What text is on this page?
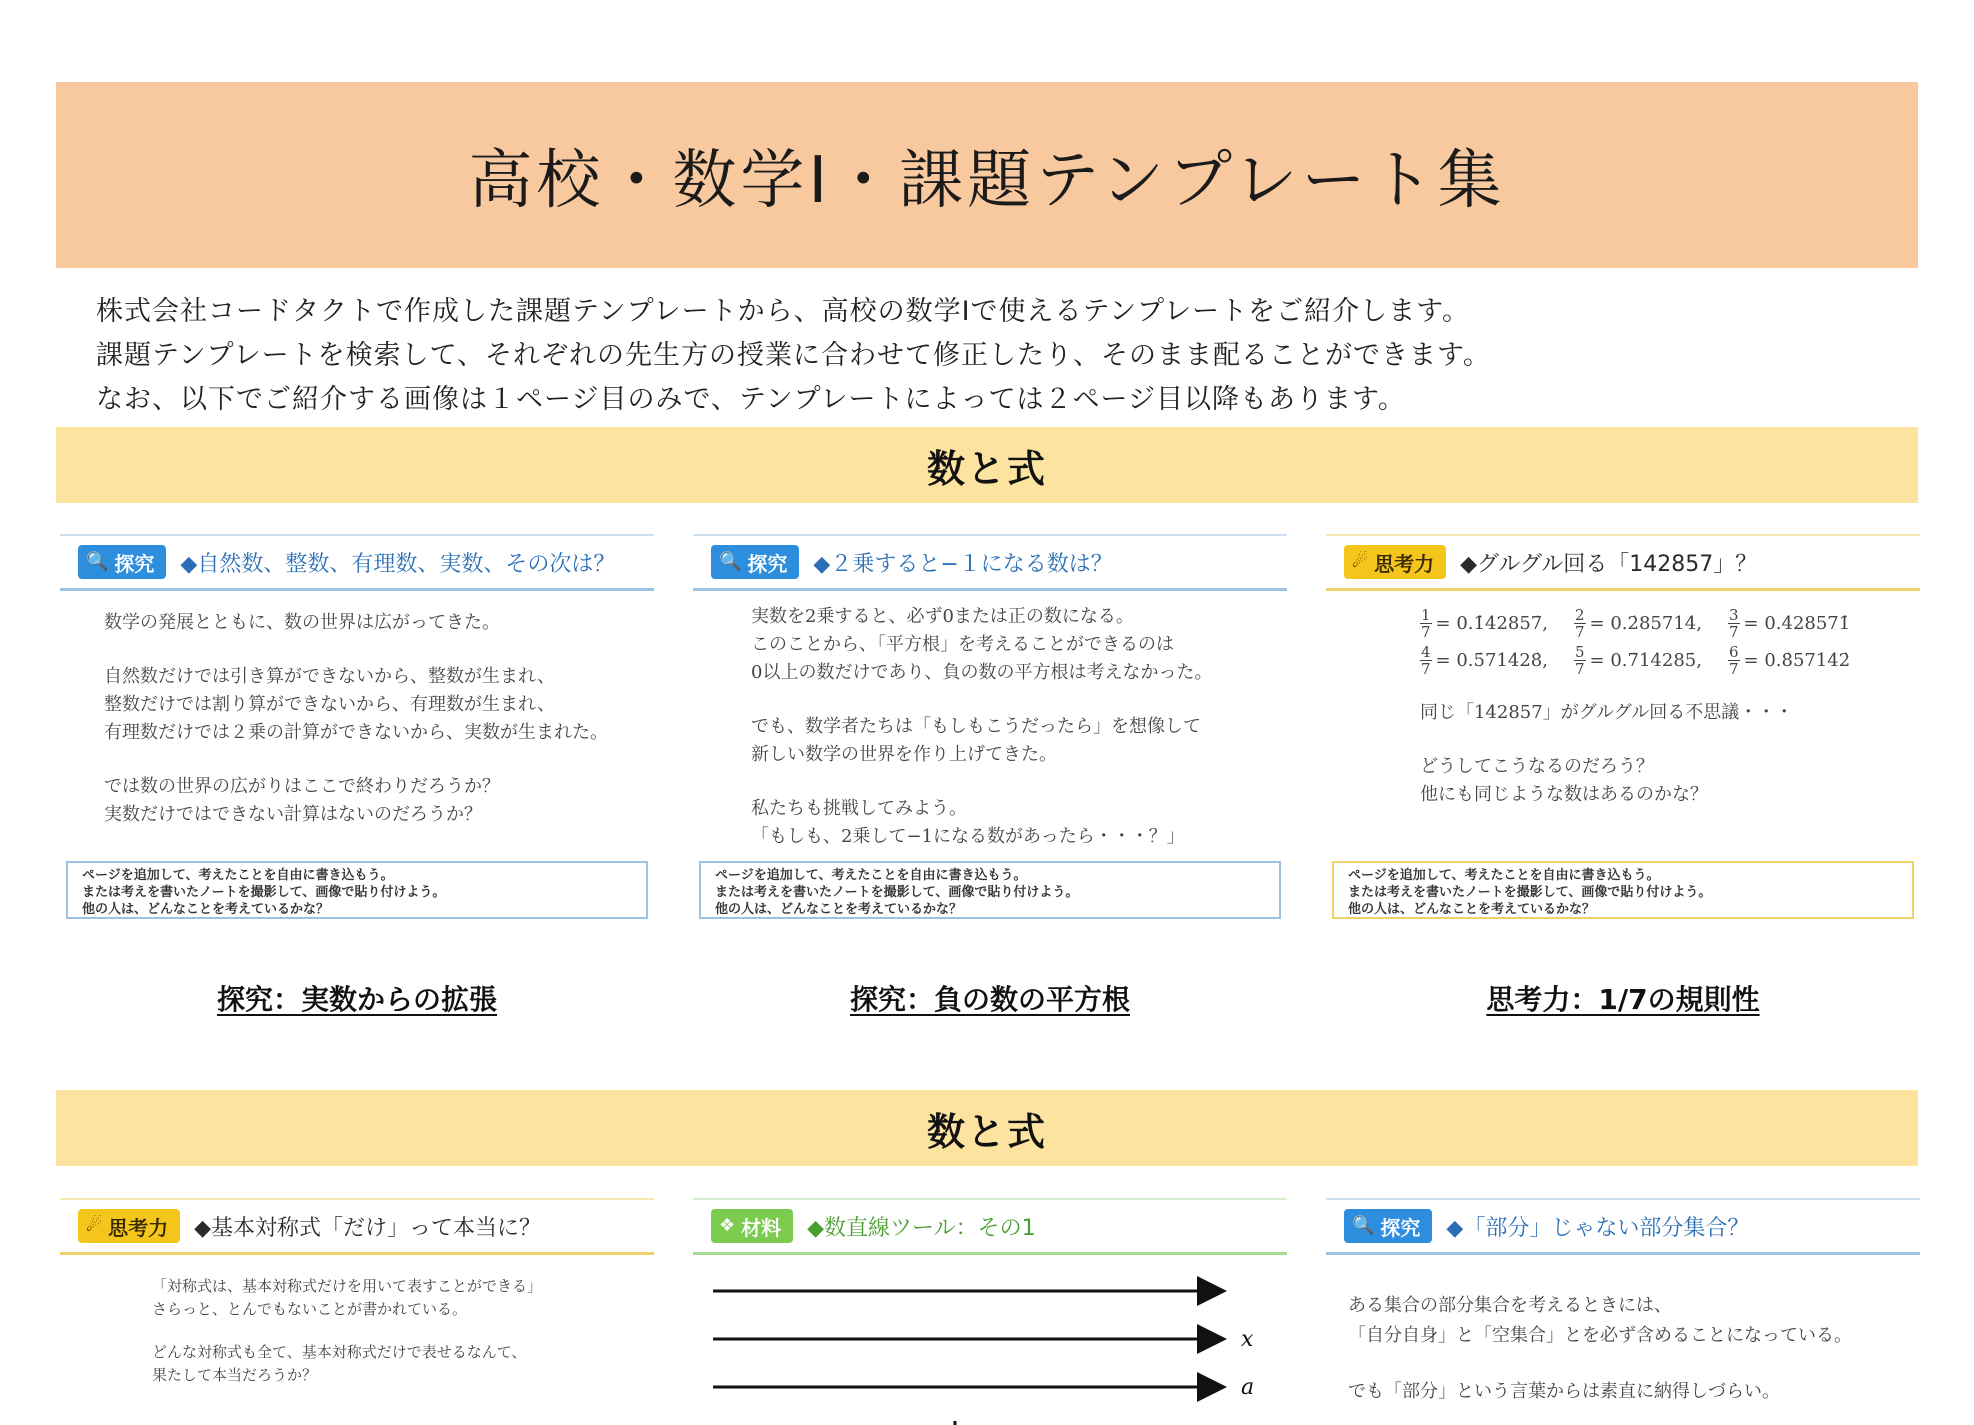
高校・数学Ⅰ・課題テンプレート集

株式会社コードタクトで作成した課題テンプレートから、高校の数学Ⅰで使えるテンプレートをご紹介します。

課題テンプレートを検索して、それぞれの先生方の授業に合わせて修正したり、そのまま配ることができます。

なお、以下でご紹介する画像は１ページ目のみで、テンプレートによっては２ページ目以降もあります。

数と式
🔍 探究 ◆自然数、整数、有理数、実数、その次は？

数学の発展とともに、数の世界は広がってきた。

自然数だけでは引き算ができないから、整数が生まれ、

整数だけでは割り算ができないから、有理数が生まれ、

有理数だけでは２乗の計算ができないから、実数が生まれた。

では数の世界の広がりはここで終わりだろうか？

実数だけではできない計算はないのだろうか？

ページを追加して、考えたことを自由に書き込もう。
または考えを書いたノートを撮影して、画像で貼り付けよう。
他の人は、どんなことを考えているかな？
探究：実数からの拡張
🔍 探究 ◆２乗すると−１になる数は？

実数を2乗すると、必ず0または正の数になる。

このことから、「平方根」を考えることができるのは

0以上の数だけであり、負の数の平方根は考えなかった。

でも、数学者たちは「もしもこうだったら」を想像して

新しい数学の世界を作り上げてきた。

私たちも挑戦してみよう。

「もしも、2乗して−1になる数があったら・・・？」

ページを追加して、考えたことを自由に書き込もう。
または考えを書いたノートを撮影して、画像で貼り付けよう。
他の人は、どんなことを考えているかな？
探究：負の数の平方根
☄ 思考力 ◆グルグル回る「142857」？
$\frac{1}{7}$ = 0.1̇42857̇ , $\frac{2}{7}$ = 0.2̇85714̇ , $\frac{3}{7}$ = 0.4̇28571̇
$\frac{4}{7}$ = 0.5̇71428̇ , $\frac{5}{7}$ = 0.7̇14285̇ , $\frac{6}{7}$ = 0.8̇57142̇

同じ「142857」がグルグル回る不思議・・・

どうしてこうなるのだろう？

他にも同じような数はあるのかな？

ページを追加して、考えたことを自由に書き込もう。
または考えを書いたノートを撮影して、画像で貼り付けよう。
他の人は、どんなことを考えているかな？
思考力：1/7の規則性
数と式
☄ 思考力 ◆基本対称式「だけ」って本当に？

「対称式は、基本対称式だけを用いて表すことができる」

さらっと、とんでもないことが書かれている。

どんな対称式も全て、基本対称式だけで表せるなんて、

果たして本当だろうか？

❖ 材料 ◆数直線ツール：その1
x
a
🔍 探究 ◆「部分」じゃない部分集合？

ある集合の部分集合を考えるときには、

「自分自身」と「空集合」とを必ず含めることになっている。

でも「部分」という言葉からは素直に納得しづらい。
